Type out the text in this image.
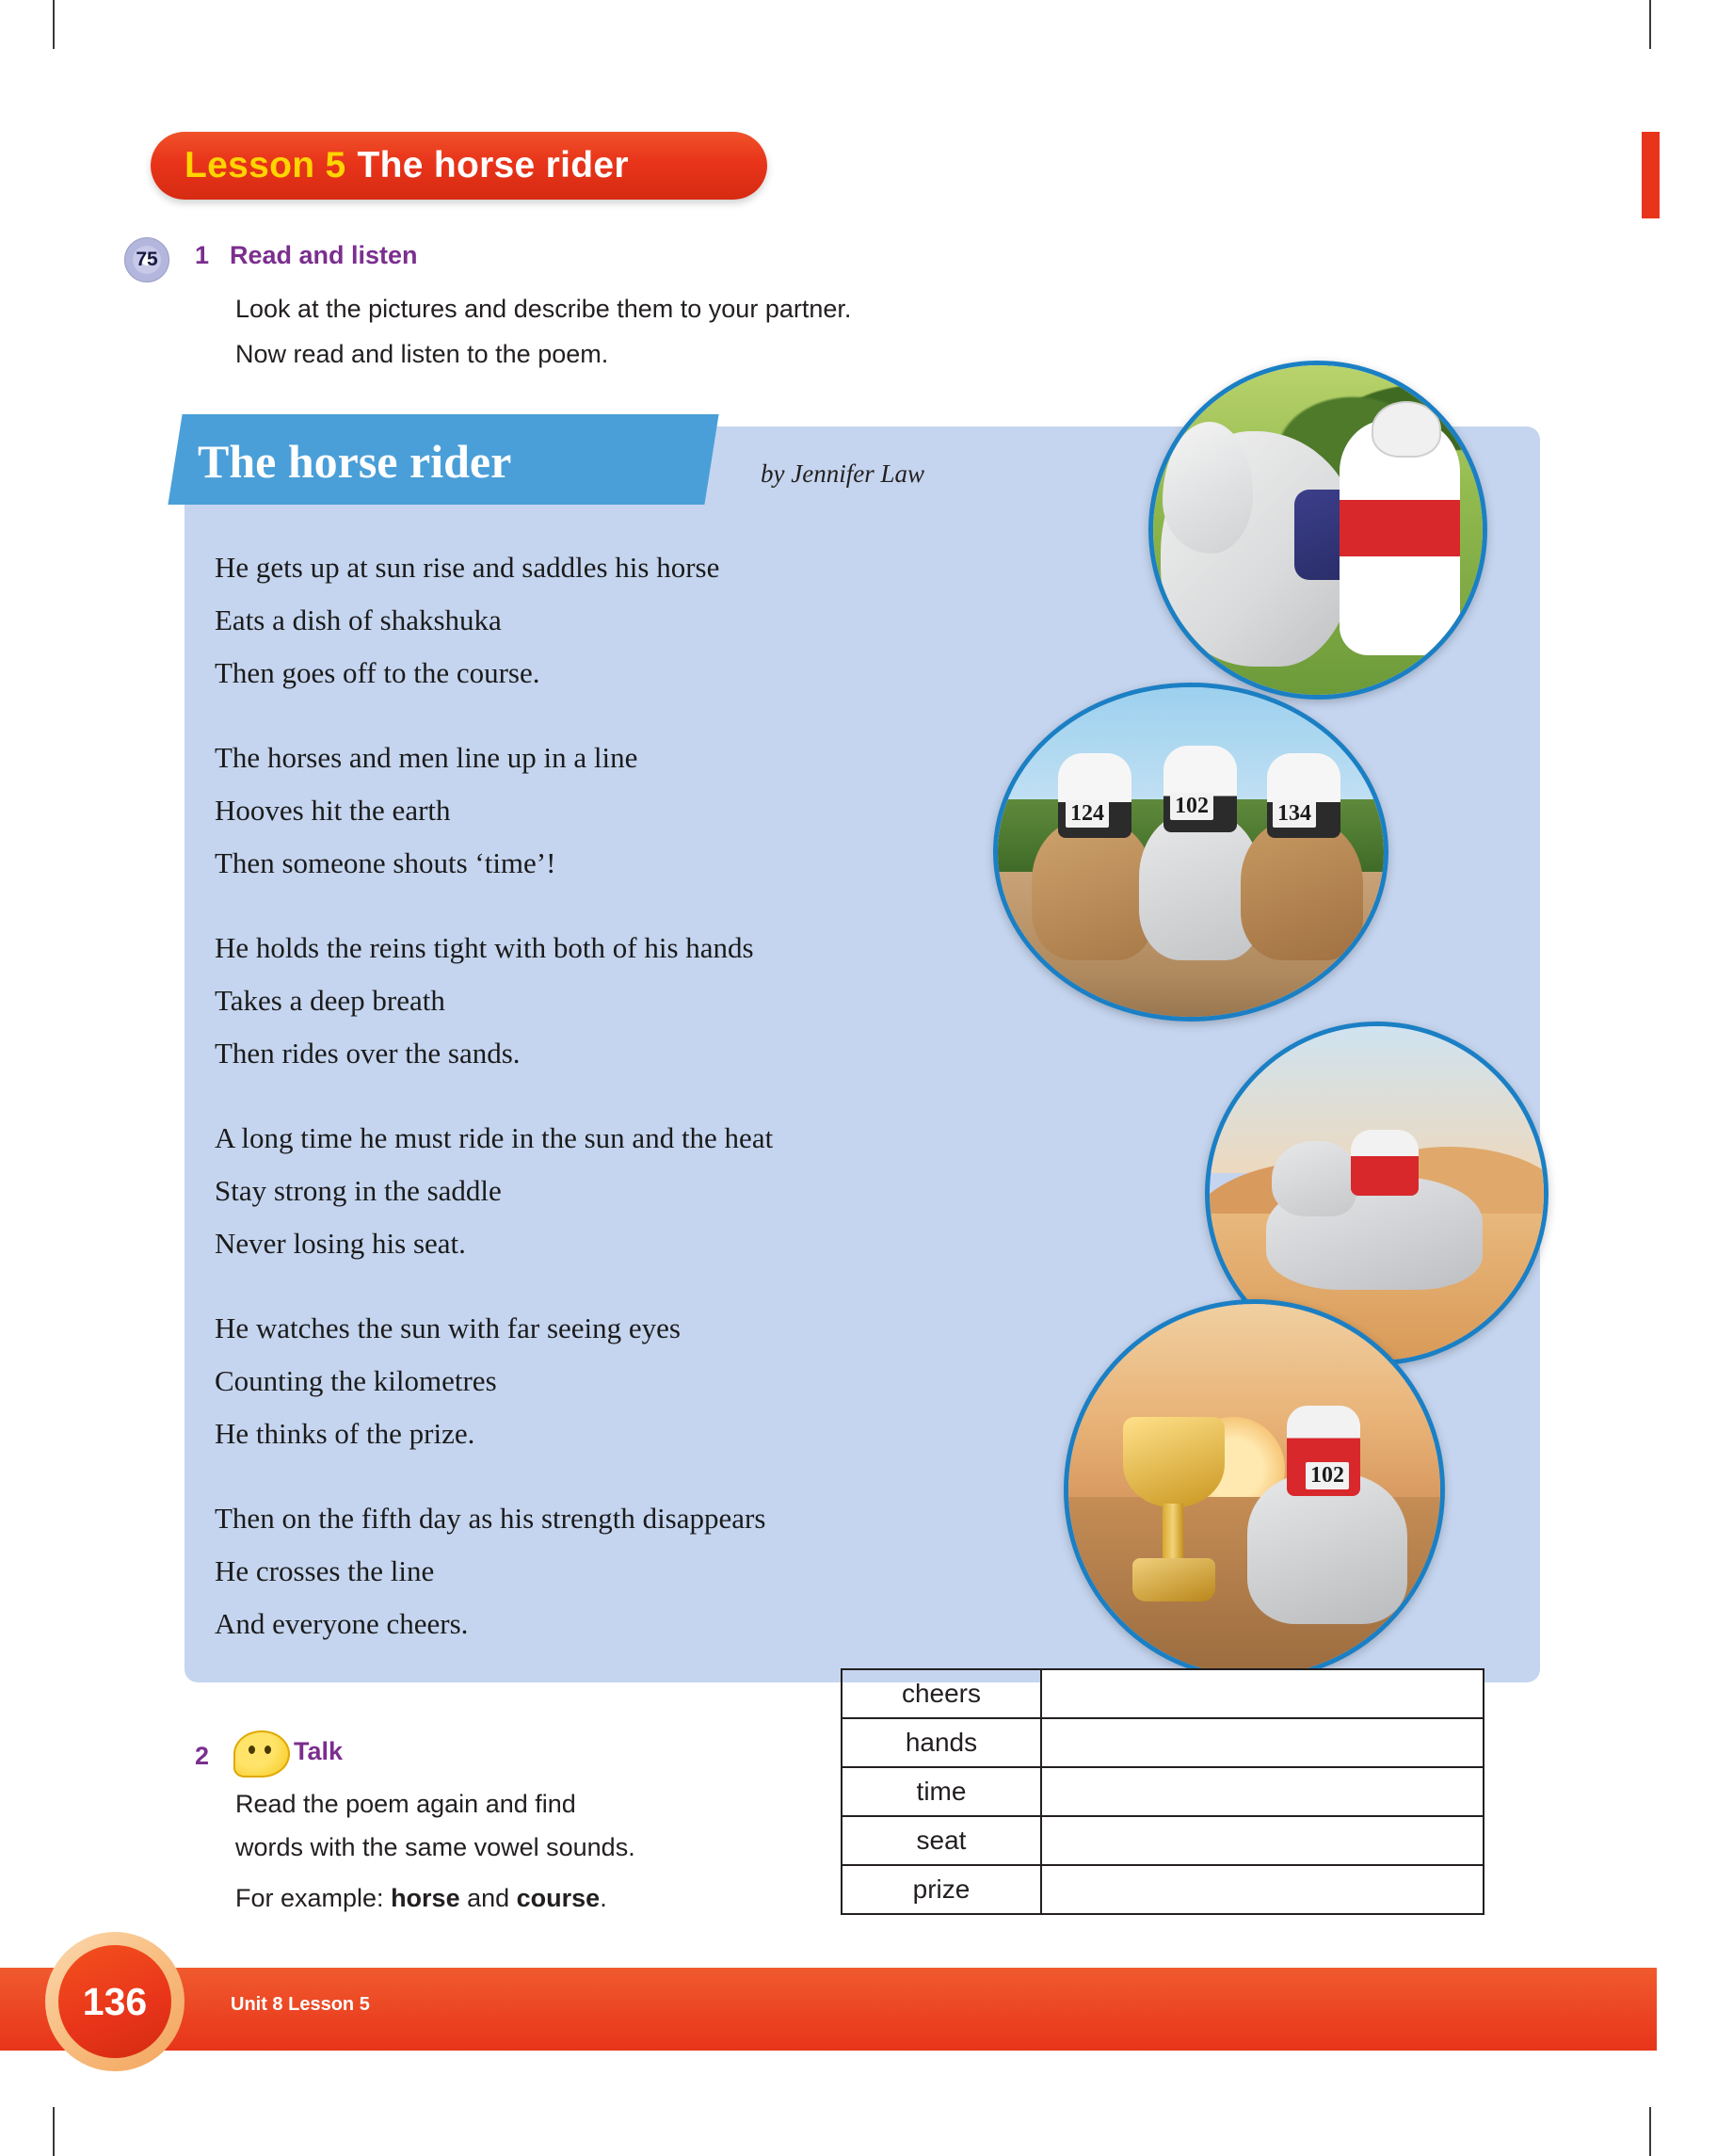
Lesson 5 The horse rider
75	1 Read and listen
Look at the pictures and describe them to your partner.
Now read and listen to the poem.
The horse rider	by Jennifer Law
He gets up at sun rise and saddles his horse
Eats a dish of shakshuka
Then goes off to the course.
The horses and men line up in a line
Hooves hit the earth
Then someone shouts ‘time’!
He holds the reins tight with both of his hands
Takes a deep breath
Then rides over the sands.
A long time he must ride in the sun and the heat
Stay strong in the saddle
Never losing his seat.
He watches the sun with far seeing eyes
Counting the kilometres
He thinks of the prize.
Then on the fifth day as his strength disappears
He crosses the line
And everyone cheers.
124	102	134
102
2	Talk
Read the poem again and find
words with the same vowel sounds.
For example: horse and course.
cheers	
hands	
time	
seat	
prize	
136	Unit 8 Lesson 5
